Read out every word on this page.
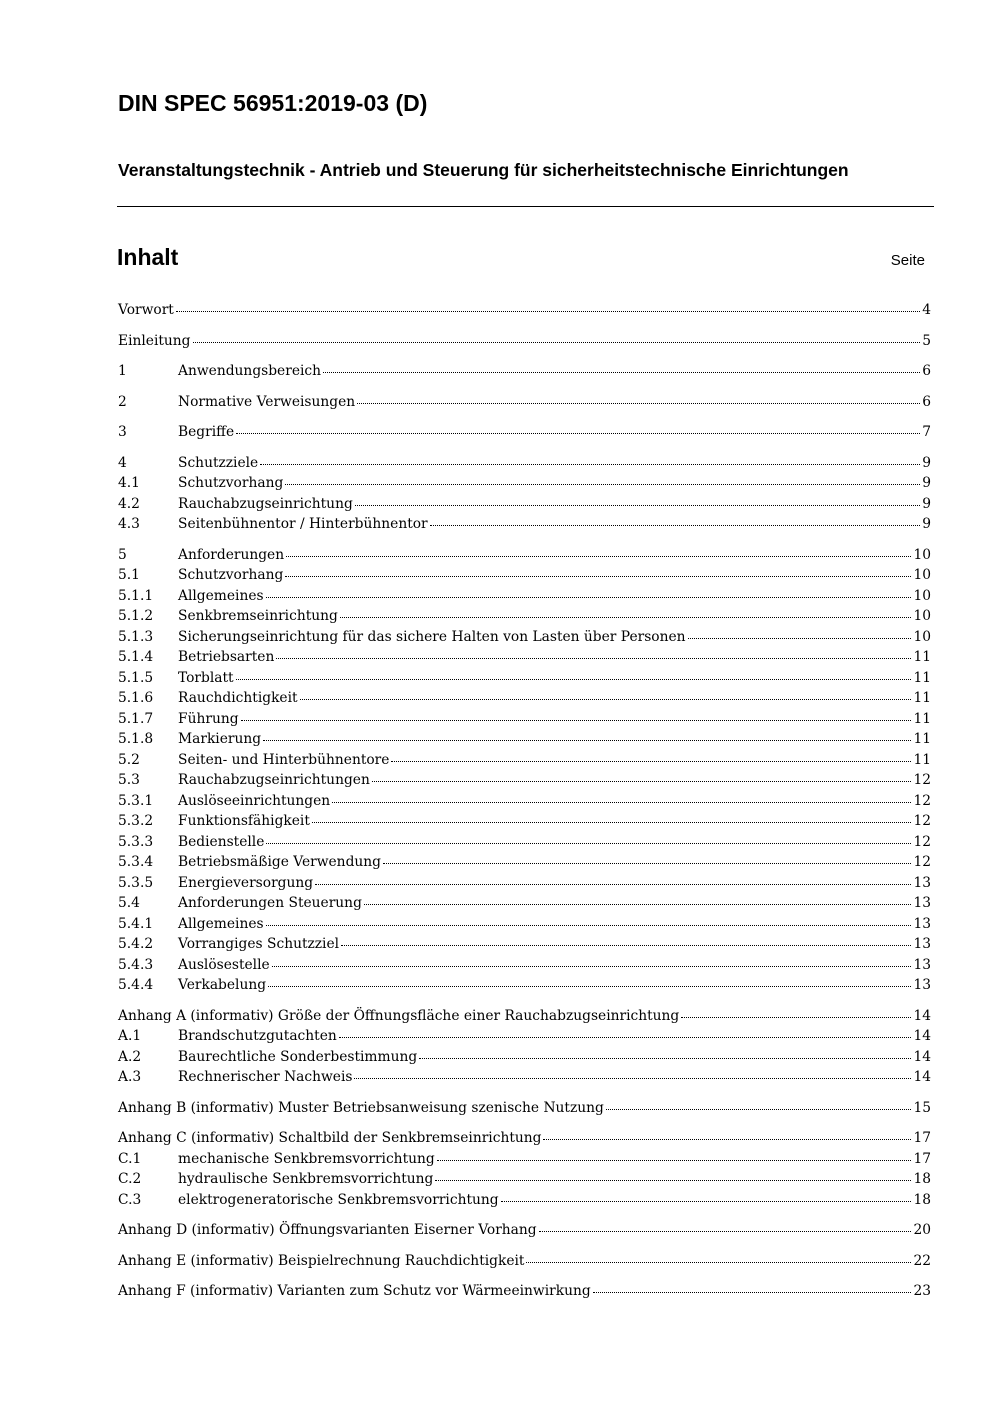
DIN SPEC 56951:2019-03 (D)
Veranstaltungstechnik - Antrieb und Steuerung für sicherheitstechnische Einrichtungen
Inhalt	Seite
Vorwort	4
Einleitung	5
1	Anwendungsbereich	6
2	Normative Verweisungen	6
3	Begriffe	7
4	Schutzziele	9
4.1	Schutzvorhang	9
4.2	Rauchabzugseinrichtung	9
4.3	Seitenbühnentor / Hinterbühnentor	9
5	Anforderungen	10
5.1	Schutzvorhang	10
5.1.1	Allgemeines	10
5.1.2	Senkbremseinrichtung	10
5.1.3	Sicherungseinrichtung für das sichere Halten von Lasten über Personen	10
5.1.4	Betriebsarten	11
5.1.5	Torblatt	11
5.1.6	Rauchdichtigkeit	11
5.1.7	Führung	11
5.1.8	Markierung	11
5.2	Seiten- und Hinterbühnentore	11
5.3	Rauchabzugseinrichtungen	12
5.3.1	Auslöseeinrichtungen	12
5.3.2	Funktionsfähigkeit	12
5.3.3	Bedienstelle	12
5.3.4	Betriebsmäßige Verwendung	12
5.3.5	Energieversorgung	13
5.4	Anforderungen Steuerung	13
5.4.1	Allgemeines	13
5.4.2	Vorrangiges Schutzziel	13
5.4.3	Auslösestelle	13
5.4.4	Verkabelung	13
Anhang A (informativ) Größe der Öffnungsfläche einer Rauchabzugseinrichtung	14
A.1	Brandschutzgutachten	14
A.2	Baurechtliche Sonderbestimmung	14
A.3	Rechnerischer Nachweis	14
Anhang B (informativ) Muster Betriebsanweisung szenische Nutzung	15
Anhang C (informativ) Schaltbild der Senkbremseinrichtung	17
C.1	mechanische Senkbremsvorrichtung	17
C.2	hydraulische Senkbremsvorrichtung	18
C.3	elektrogeneratorische Senkbremsvorrichtung	18
Anhang D (informativ) Öffnungsvarianten Eiserner Vorhang	20
Anhang E (informativ) Beispielrechnung Rauchdichtigkeit	22
Anhang F (informativ) Varianten zum Schutz vor Wärmeeinwirkung	23
